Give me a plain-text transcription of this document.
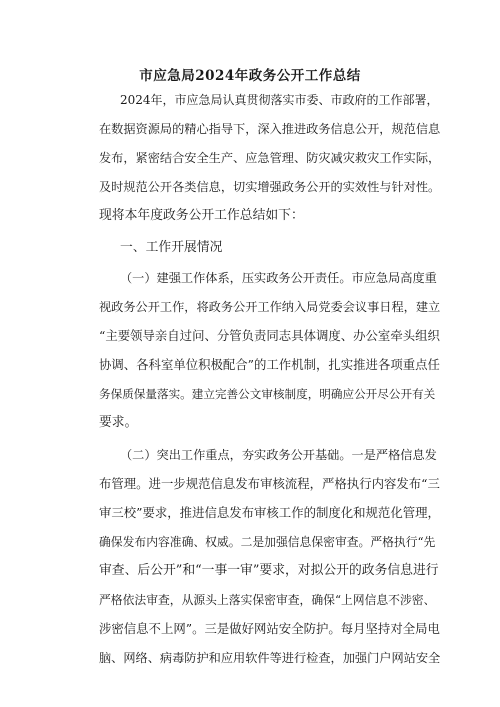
市应急局2024年政务公开工作总结
2024年，市应急局认真贯彻落实市委、市政府的工作部署，
在数据资源局的精心指导下，深入推进政务信息公开，规范信息
发布，紧密结合安全生产、应急管理、防灾减灾救灾工作实际，
及时规范公开各类信息，切实增强政务公开的实效性与针对性。
现将本年度政务公开工作总结如下：
一、工作开展情况
（一）建强工作体系，压实政务公开责任。市应急局高度重
视政务公开工作，将政务公开工作纳入局党委会议事日程，建立
“主要领导亲自过问、分管负责同志具体调度、办公室牵头组织
协调、各科室单位积极配合”的工作机制，扎实推进各项重点任
务保质保量落实。建立完善公文审核制度，明确应公开尽公开有关
要求。
（二）突出工作重点，夯实政务公开基础。一是严格信息发
布管理。进一步规范信息发布审核流程，严格执行内容发布“三
审三校”要求，推进信息发布审核工作的制度化和规范化管理，
确保发布内容准确、权威。二是加强信息保密审查。严格执行“先
审查、后公开”和“一事一审”要求，对拟公开的政务信息进行
严格依法审查，从源头上落实保密审查，确保“上网信息不涉密、
涉密信息不上网”。三是做好网站安全防护。每月坚持对全局电
脑、网络、病毒防护和应用软件等进行检查，加强门户网站安全
